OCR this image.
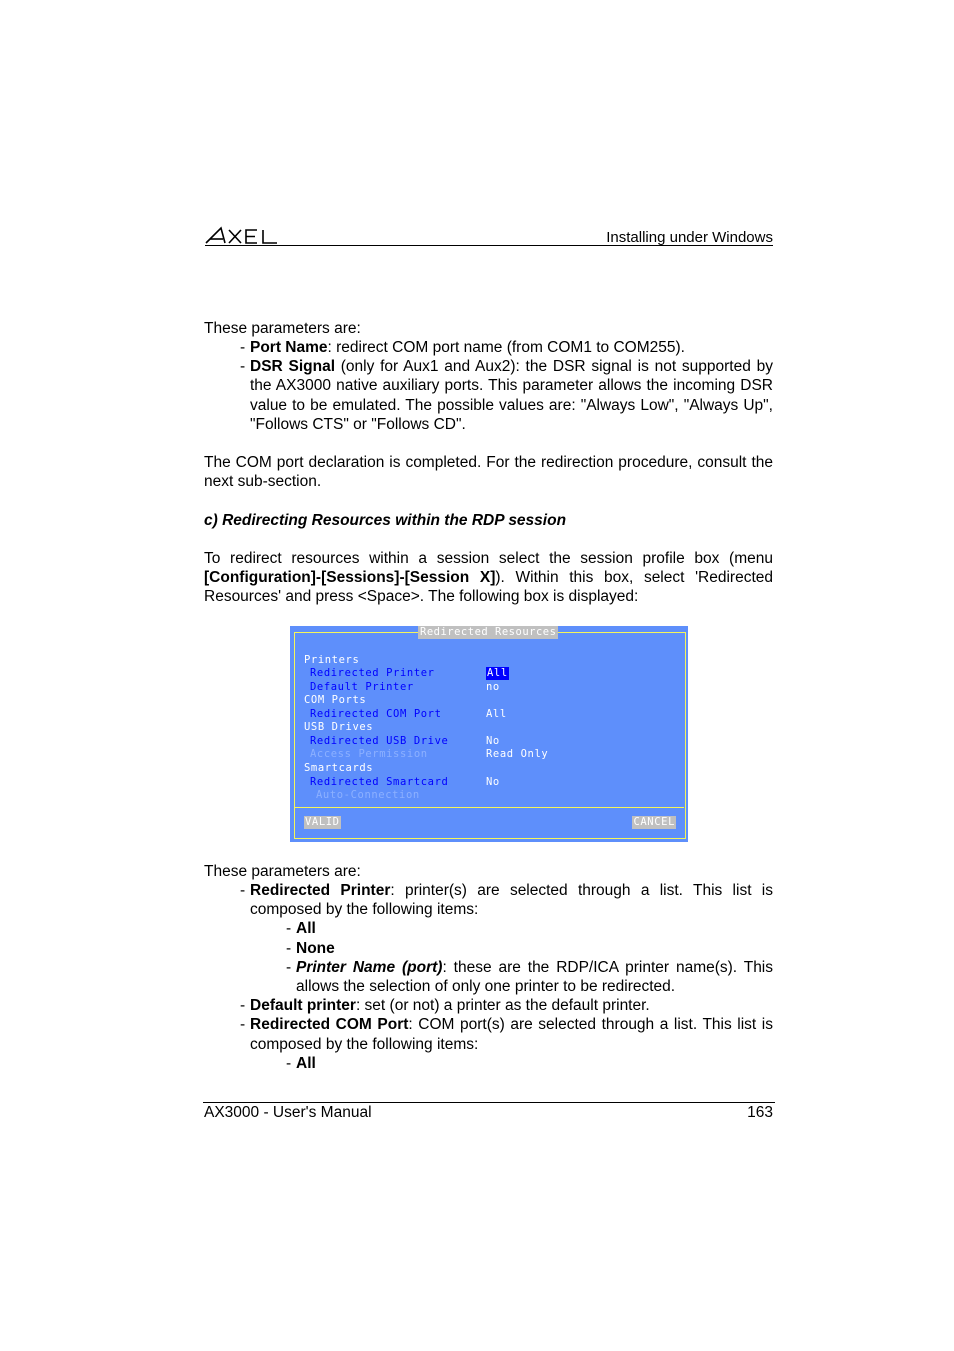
AXEL
Installing under Windows
These parameters are:
- Port Name: redirect COM port name (from COM1 to COM255).
- DSR Signal (only for Aux1 and Aux2): the DSR signal is not supported by the AX3000 native auxiliary ports. This parameter allows the incoming DSR value to be emulated. The possible values are: "Always Low", "Always Up", "Follows CTS" or "Follows CD".
The COM port declaration is completed. For the redirection procedure, consult the next sub-section.
c) Redirecting Resources within the RDP session
To redirect resources within a session select the session profile box (menu [Configuration]-[Sessions]-[Session X]). Within this box, select 'Redirected Resources' and press <Space>. The following box is displayed:
Redirected Resources
Printers
Redirected Printer	All
Default Printer	no
COM Ports
Redirected COM Port	All
USB Drives
Redirected USB Drive	No
Access Permission	Read Only
Smartcards
Redirected Smartcard	No
Auto-Connection
VALID	CANCEL
These parameters are:
- Redirected Printer: printer(s) are selected through a list. This list is composed by the following items:
- All
- None
- Printer Name (port): these are the RDP/ICA printer name(s). This allows the selection of only one printer to be redirected.
- Default printer: set (or not) a printer as the default printer.
- Redirected COM Port: COM port(s) are selected through a list. This list is composed by the following items:
- All
AX3000 - User's Manual	163
